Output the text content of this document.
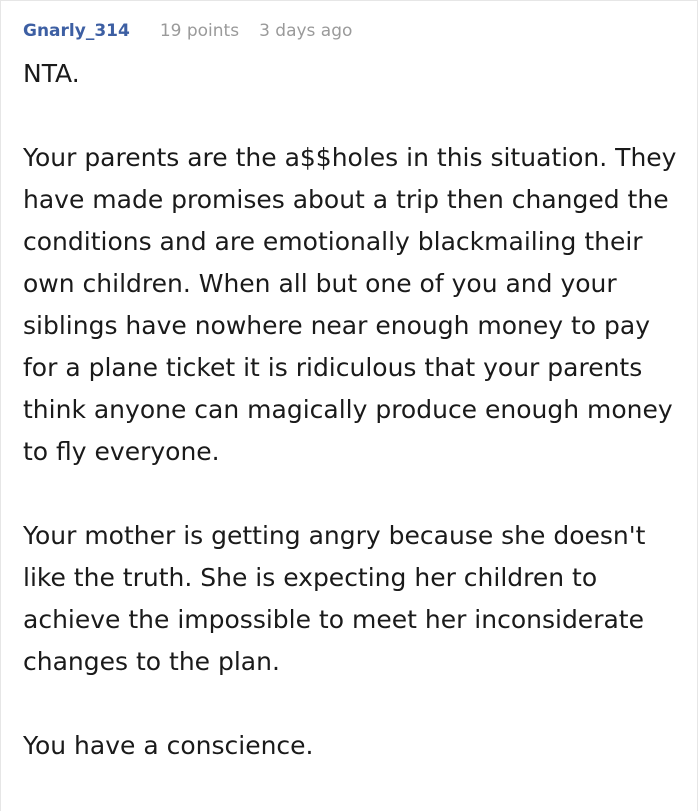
Gnarly_314 19 points 3 days ago

NTA.

Your parents are the a$$holes in this situation. They have made promises about a trip then changed the conditions and are emotionally blackmailing their own children. When all but one of you and your siblings have nowhere near enough money to pay for a plane ticket it is ridiculous that your parents think anyone can magically produce enough money to fly everyone.

Your mother is getting angry because she doesn't like the truth. She is expecting her children to achieve the impossible to meet her inconsiderate changes to the plan.

You have a conscience.
